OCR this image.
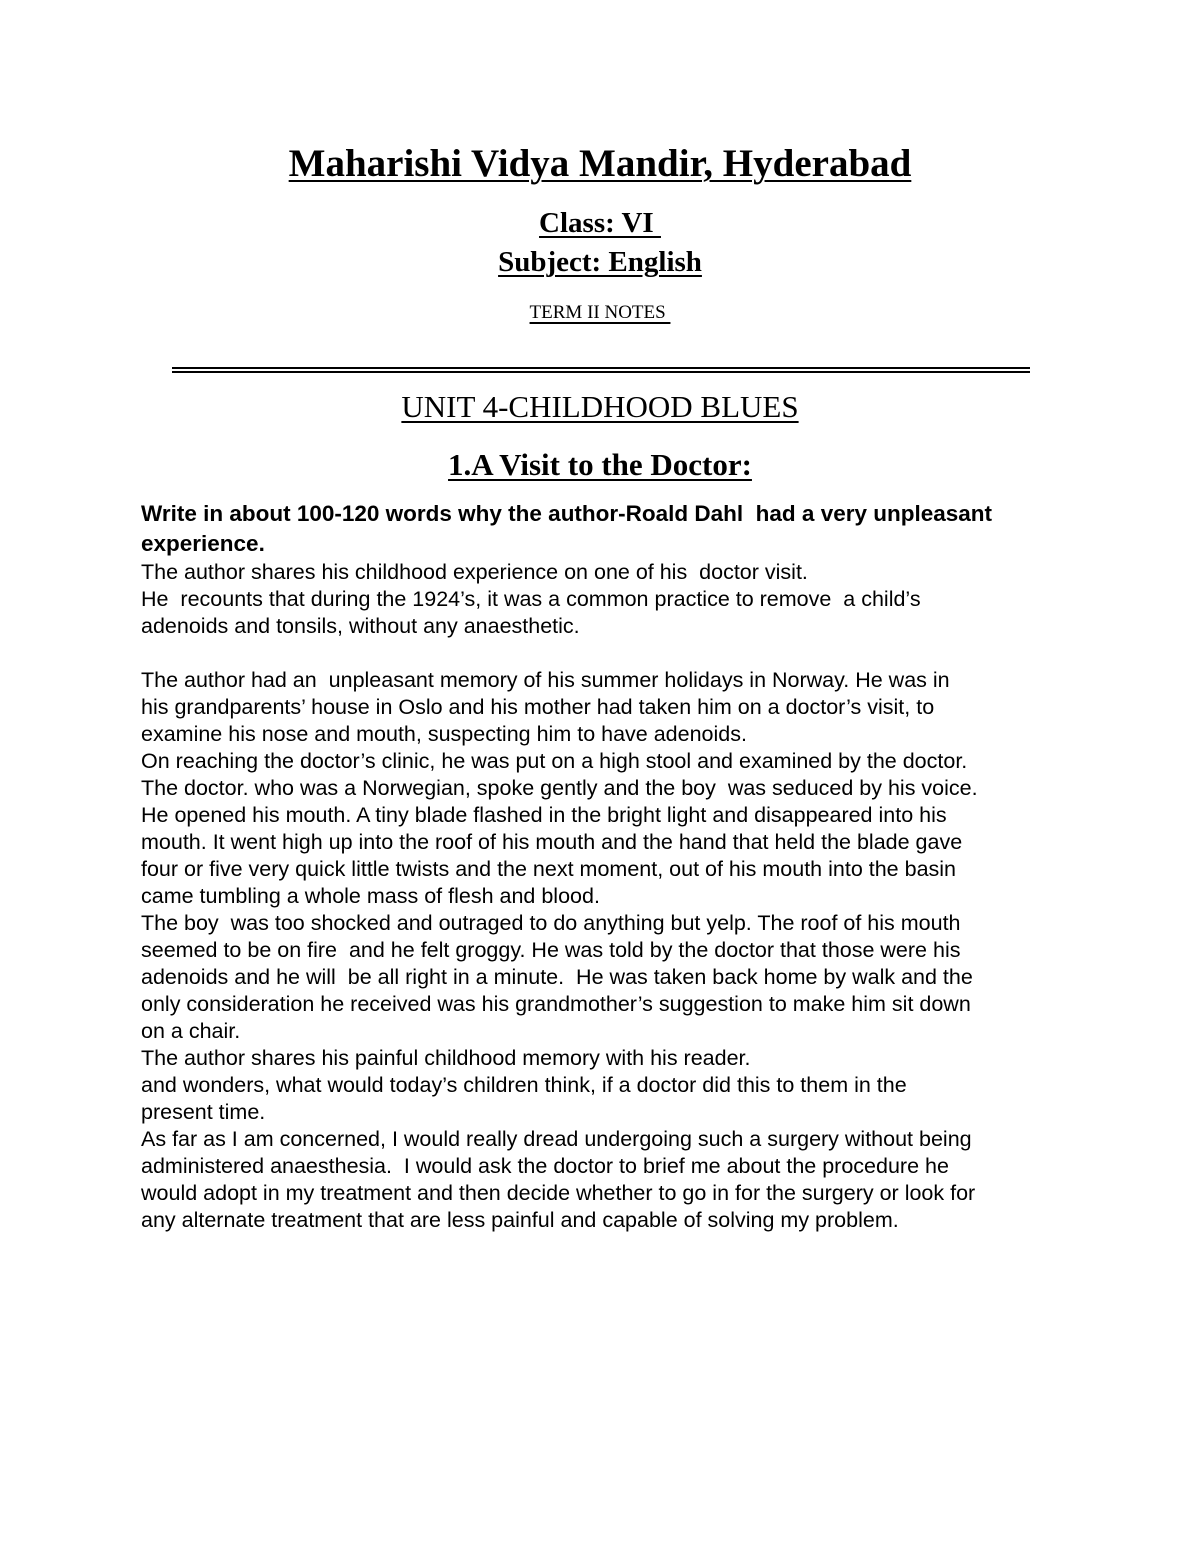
Maharishi Vidya Mandir, Hyderabad
Class: VI
Subject: English
TERM II NOTES
UNIT 4-CHILDHOOD BLUES
1.A Visit to the Doctor:
Write in about 100-120 words why the author-Roald Dahl  had a very unpleasant
experience.
The author shares his childhood experience on one of his  doctor visit.
He  recounts that during the 1924’s, it was a common practice to remove  a child’s
adenoids and tonsils, without any anaesthetic.
The author had an  unpleasant memory of his summer holidays in Norway. He was in
his grandparents’ house in Oslo and his mother had taken him on a doctor’s visit, to
examine his nose and mouth, suspecting him to have adenoids.
On reaching the doctor’s clinic, he was put on a high stool and examined by the doctor.
The doctor. who was a Norwegian, spoke gently and the boy  was seduced by his voice.
He opened his mouth. A tiny blade flashed in the bright light and disappeared into his
mouth. It went high up into the roof of his mouth and the hand that held the blade gave
four or five very quick little twists and the next moment, out of his mouth into the basin
came tumbling a whole mass of flesh and blood.
The boy  was too shocked and outraged to do anything but yelp. The roof of his mouth
seemed to be on fire  and he felt groggy. He was told by the doctor that those were his
adenoids and he will  be all right in a minute.  He was taken back home by walk and the
only consideration he received was his grandmother’s suggestion to make him sit down
on a chair.
The author shares his painful childhood memory with his reader.
and wonders, what would today’s children think, if a doctor did this to them in the
present time.
As far as I am concerned, I would really dread undergoing such a surgery without being
administered anaesthesia.  I would ask the doctor to brief me about the procedure he
would adopt in my treatment and then decide whether to go in for the surgery or look for
any alternate treatment that are less painful and capable of solving my problem.
